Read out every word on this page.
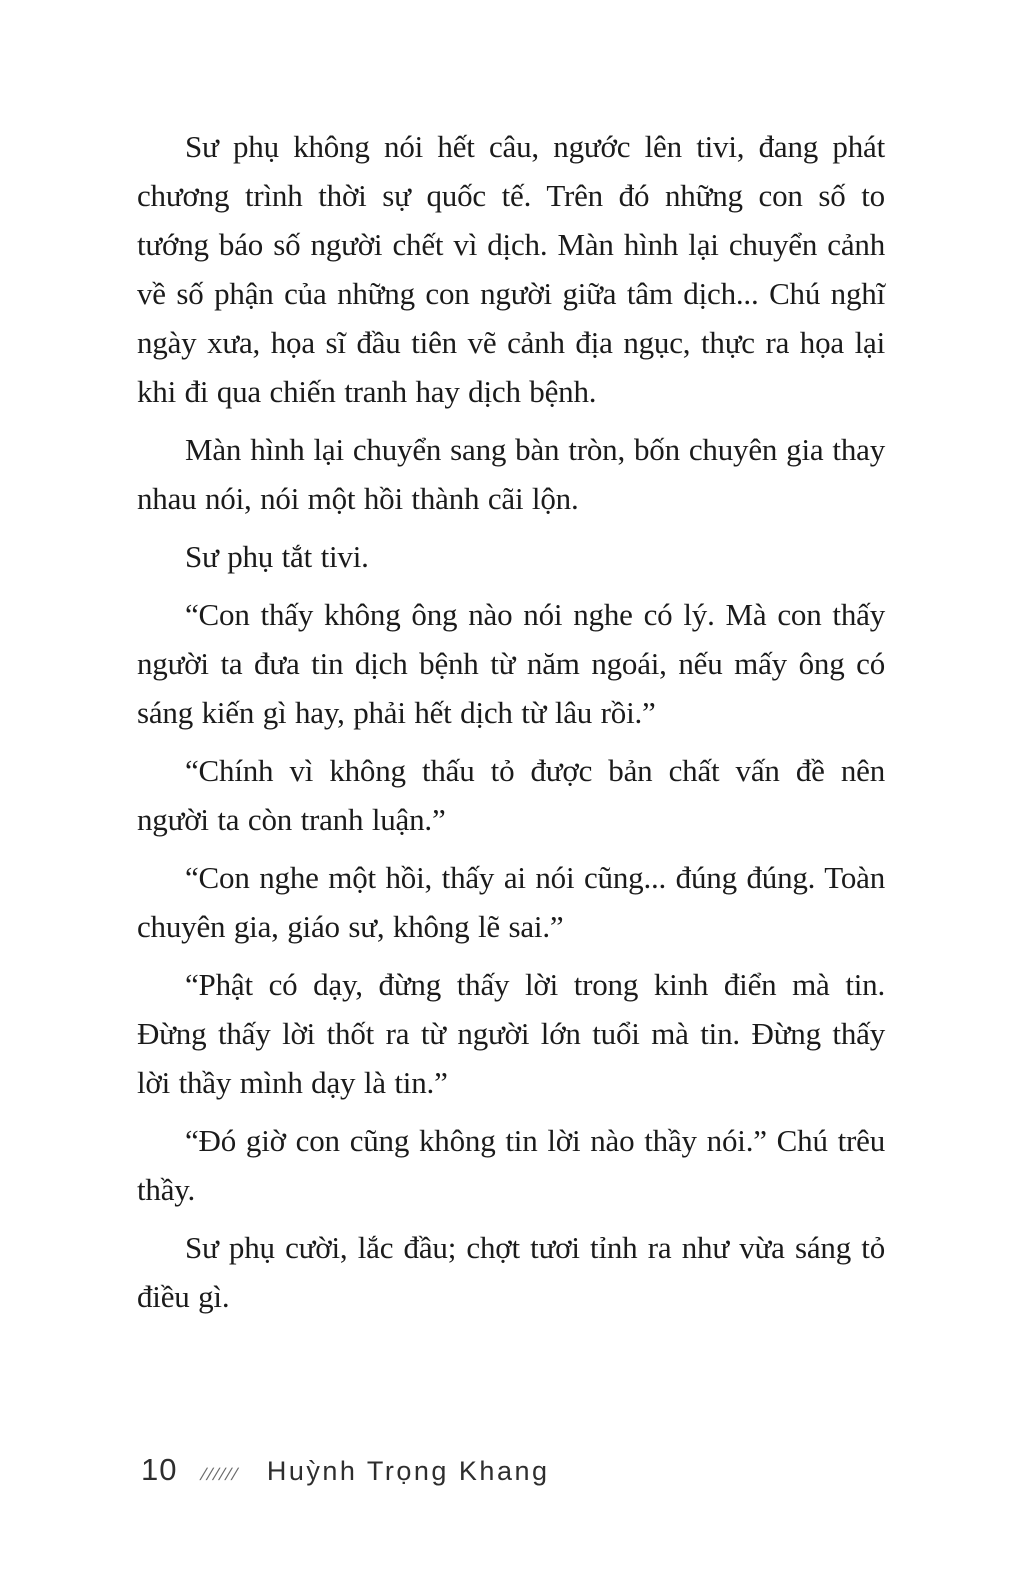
Sư phụ không nói hết câu, ngước lên tivi, đang phát chương trình thời sự quốc tế. Trên đó những con số to tướng báo số người chết vì dịch. Màn hình lại chuyển cảnh về số phận của những con người giữa tâm dịch... Chú nghĩ ngày xưa, họa sĩ đầu tiên vẽ cảnh địa ngục, thực ra họa lại khi đi qua chiến tranh hay dịch bệnh.

Màn hình lại chuyển sang bàn tròn, bốn chuyên gia thay nhau nói, nói một hồi thành cãi lộn.

Sư phụ tắt tivi.

“Con thấy không ông nào nói nghe có lý. Mà con thấy người ta đưa tin dịch bệnh từ năm ngoái, nếu mấy ông có sáng kiến gì hay, phải hết dịch từ lâu rồi.”

“Chính vì không thấu tỏ được bản chất vấn đề nên người ta còn tranh luận.”

“Con nghe một hồi, thấy ai nói cũng... đúng đúng. Toàn chuyên gia, giáo sư, không lẽ sai.”

“Phật có dạy, đừng thấy lời trong kinh điển mà tin. Đừng thấy lời thốt ra từ người lớn tuổi mà tin. Đừng thấy lời thầy mình dạy là tin.”

“Đó giờ con cũng không tin lời nào thầy nói.” Chú trêu thầy.

Sư phụ cười, lắc đầu; chợt tươi tỉnh ra như vừa sáng tỏ điều gì.

10 ////// Huỳnh Trọng Khang
